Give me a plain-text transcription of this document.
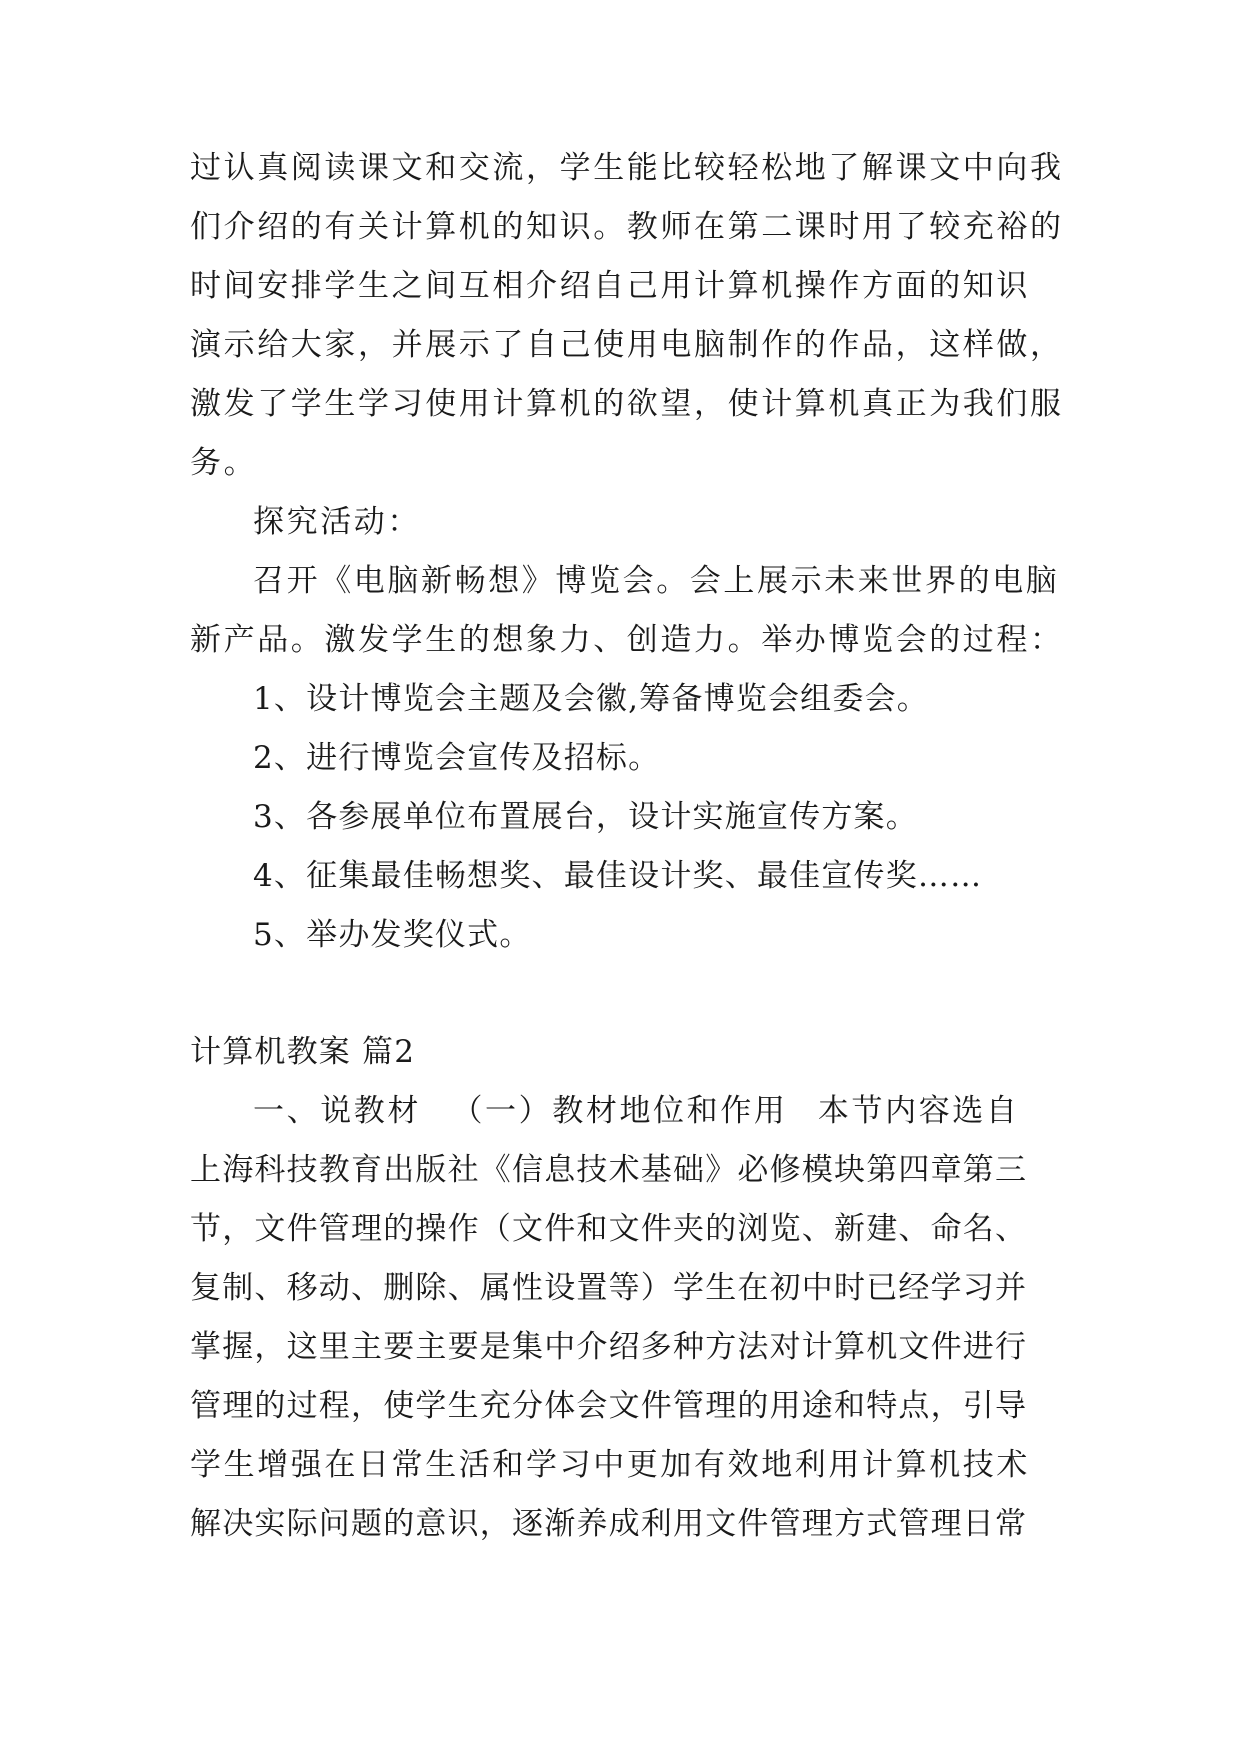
过认真阅读课文和交流，学生能比较轻松地了解课文中向我
们介绍的有关计算机的知识。教师在第二课时用了较充裕的
时间安排学生之间互相介绍自己用计算机操作方面的知识
演示给大家，并展示了自己使用电脑制作的作品，这样做，
激发了学生学习使用计算机的欲望，使计算机真正为我们服
务。
探究活动：
召开《电脑新畅想》博览会。会上展示未来世界的电脑
新产品。激发学生的想象力、创造力。举办博览会的过程：
1、设计博览会主题及会徽,筹备博览会组委会。
2、进行博览会宣传及招标。
3、各参展单位布置展台，设计实施宣传方案。
4、征集最佳畅想奖、最佳设计奖、最佳宣传奖……
5、举办发奖仪式。
计算机教案 篇2
一、说教材 （一）教材地位和作用 本节内容选自
上海科技教育出版社《信息技术基础》必修模块第四章第三
节，文件管理的操作（文件和文件夹的浏览、新建、命名、
复制、移动、删除、属性设置等）学生在初中时已经学习并
掌握，这里主要主要是集中介绍多种方法对计算机文件进行
管理的过程，使学生充分体会文件管理的用途和特点，引导
学生增强在日常生活和学习中更加有效地利用计算机技术
解决实际问题的意识，逐渐养成利用文件管理方式管理日常
